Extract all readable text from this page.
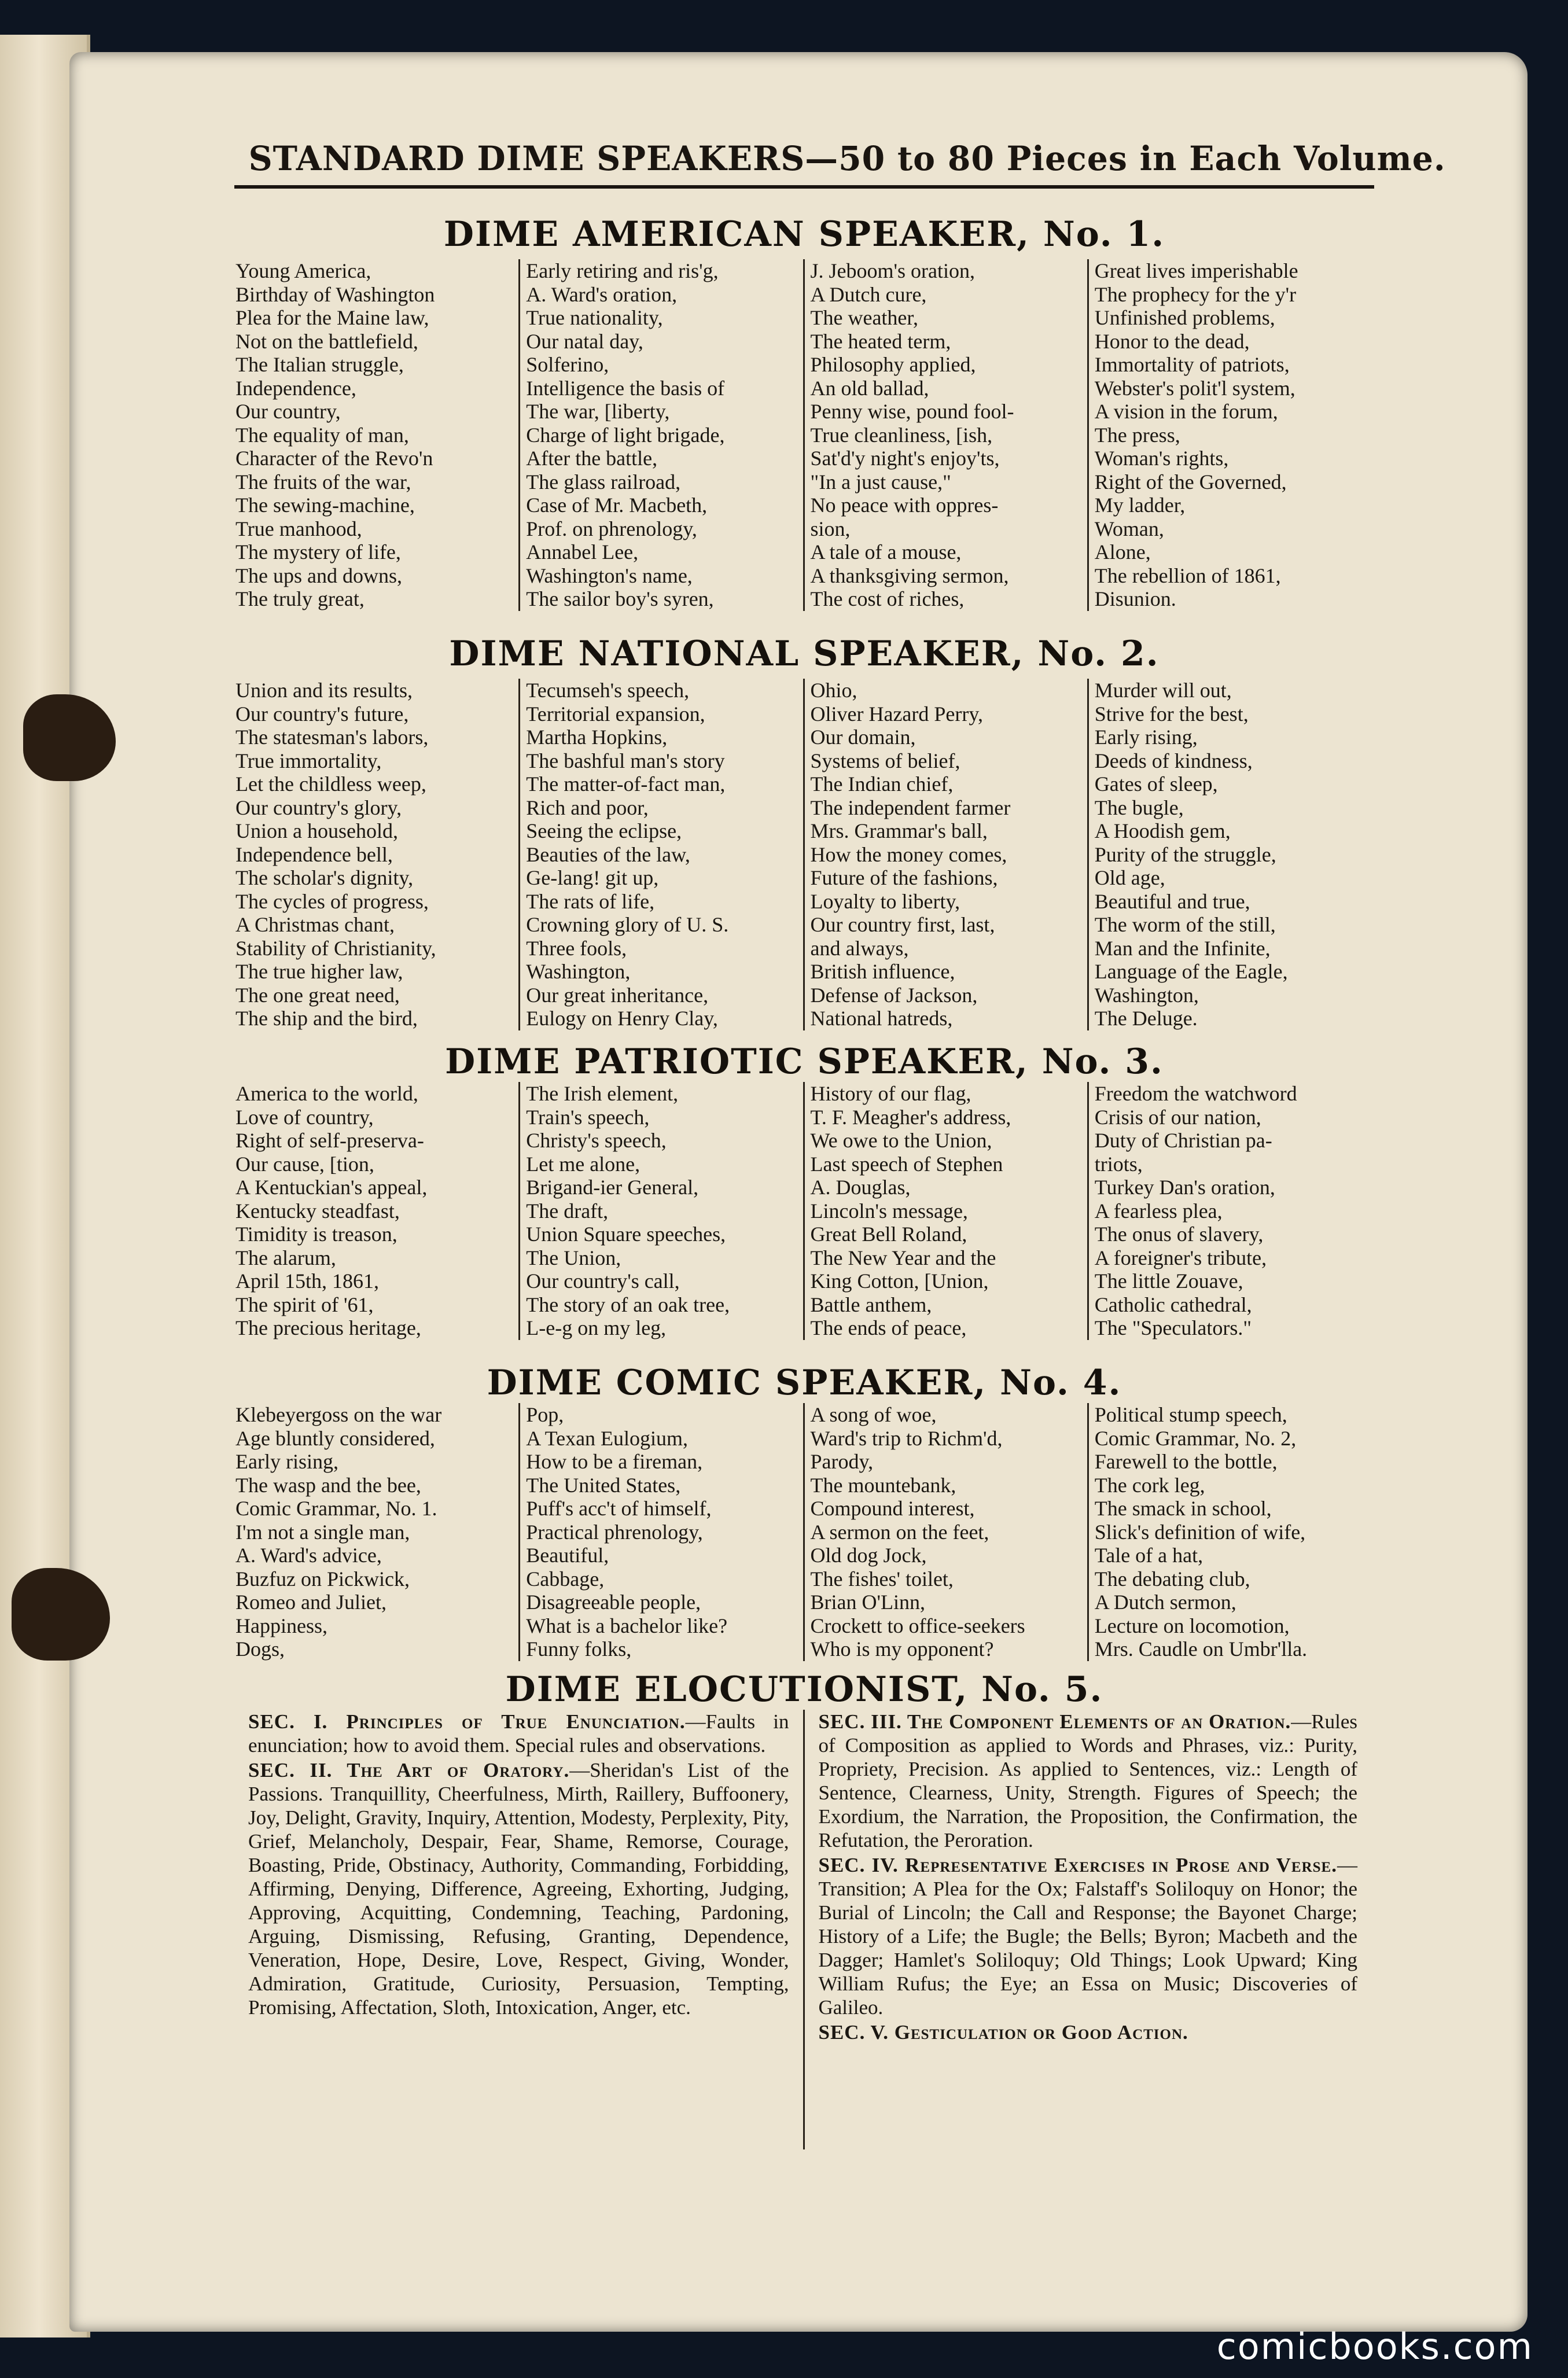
STANDARD DIME SPEAKERS—50 to 80 Pieces in Each Volume.
DIME AMERICAN SPEAKER, No. 1.
Young America,
Birthday of Washington
Plea for the Maine law,
Not on the battlefield,
The Italian struggle,
Independence,
Our country,
The equality of man,
Character of the Revo'n
The fruits of the war,
The sewing-machine,
True manhood,
The mystery of life,
The ups and downs,
The truly great,
Early retiring and ris'g,
A. Ward's oration,
True nationality,
Our natal day,
Solferino,
Intelligence the basis of
The war, [liberty,
Charge of light brigade,
After the battle,
The glass railroad,
Case of Mr. Macbeth,
Prof. on phrenology,
Annabel Lee,
Washington's name,
The sailor boy's syren,
J. Jeboom's oration,
A Dutch cure,
The weather,
The heated term,
Philosophy applied,
An old ballad,
Penny wise, pound fool-
True cleanliness, [ish,
Sat'd'y night's enjoy'ts,
"In a just cause,"
No peace with oppres-
sion,
A tale of a mouse,
A thanksgiving sermon,
The cost of riches,
Great lives imperishable
The prophecy for the y'r
Unfinished problems,
Honor to the dead,
Immortality of patriots,
Webster's polit'l system,
A vision in the forum,
The press,
Woman's rights,
Right of the Governed,
My ladder,
Woman,
Alone,
The rebellion of 1861,
Disunion.
DIME NATIONAL SPEAKER, No. 2.
Union and its results,
Our country's future,
The statesman's labors,
True immortality,
Let the childless weep,
Our country's glory,
Union a household,
Independence bell,
The scholar's dignity,
The cycles of progress,
A Christmas chant,
Stability of Christianity,
The true higher law,
The one great need,
The ship and the bird,
Tecumseh's speech,
Territorial expansion,
Martha Hopkins,
The bashful man's story
The matter-of-fact man,
Rich and poor,
Seeing the eclipse,
Beauties of the law,
Ge-lang! git up,
The rats of life,
Crowning glory of U. S.
Three fools,
Washington,
Our great inheritance,
Eulogy on Henry Clay,
Ohio,
Oliver Hazard Perry,
Our domain,
Systems of belief,
The Indian chief,
The independent farmer
Mrs. Grammar's ball,
How the money comes,
Future of the fashions,
Loyalty to liberty,
Our country first, last,
and always,
British influence,
Defense of Jackson,
National hatreds,
Murder will out,
Strive for the best,
Early rising,
Deeds of kindness,
Gates of sleep,
The bugle,
A Hoodish gem,
Purity of the struggle,
Old age,
Beautiful and true,
The worm of the still,
Man and the Infinite,
Language of the Eagle,
Washington,
The Deluge.
DIME PATRIOTIC SPEAKER, No. 3.
America to the world,
Love of country,
Right of self-preserva-
Our cause, [tion,
A Kentuckian's appeal,
Kentucky steadfast,
Timidity is treason,
The alarum,
April 15th, 1861,
The spirit of '61,
The precious heritage,
The Irish element,
Train's speech,
Christy's speech,
Let me alone,
Brigand-ier General,
The draft,
Union Square speeches,
The Union,
Our country's call,
The story of an oak tree,
L-e-g on my leg,
History of our flag,
T. F. Meagher's address,
We owe to the Union,
Last speech of Stephen
A. Douglas,
Lincoln's message,
Great Bell Roland,
The New Year and the
King Cotton, [Union,
Battle anthem,
The ends of peace,
Freedom the watchword
Crisis of our nation,
Duty of Christian pa-
triots,
Turkey Dan's oration,
A fearless plea,
The onus of slavery,
A foreigner's tribute,
The little Zouave,
Catholic cathedral,
The "Speculators."
DIME COMIC SPEAKER, No. 4.
Klebeyergoss on the war
Age bluntly considered,
Early rising,
The wasp and the bee,
Comic Grammar, No. 1.
I'm not a single man,
A. Ward's advice,
Buzfuz on Pickwick,
Romeo and Juliet,
Happiness,
Dogs,
Pop,
A Texan Eulogium,
How to be a fireman,
The United States,
Puff's acc't of himself,
Practical phrenology,
Beautiful,
Cabbage,
Disagreeable people,
What is a bachelor like?
Funny folks,
A song of woe,
Ward's trip to Richm'd,
Parody,
The mountebank,
Compound interest,
A sermon on the feet,
Old dog Jock,
The fishes' toilet,
Brian O'Linn,
Crockett to office-seekers
Who is my opponent?
Political stump speech,
Comic Grammar, No. 2,
Farewell to the bottle,
The cork leg,
The smack in school,
Slick's definition of wife,
Tale of a hat,
The debating club,
A Dutch sermon,
Lecture on locomotion,
Mrs. Caudle on Umbr'lla.
DIME ELOCUTIONIST, No. 5.

SEC. I. Principles of True Enunciation.—Faults in enunciation; how to avoid them. Special rules and observations.

SEC. II. The Art of Oratory.—Sheridan's List of the Passions. Tranquillity, Cheerfulness, Mirth, Raillery, Buffoonery, Joy, Delight, Gravity, Inquiry, Attention, Modesty, Perplexity, Pity, Grief, Melancholy, Despair, Fear, Shame, Remorse, Courage, Boasting, Pride, Obstinacy, Authority, Commanding, Forbidding, Affirming, Denying, Difference, Agreeing, Exhorting, Judging, Approving, Acquitting, Condemning, Teaching, Pardoning, Arguing, Dismissing, Refusing, Granting, Dependence, Veneration, Hope, Desire, Love, Respect, Giving, Wonder, Admiration, Gratitude, Curiosity, Persuasion, Tempting, Promising, Affectation, Sloth, Intoxication, Anger, etc.

SEC. III. The Component Elements of an Oration.—Rules of Composition as applied to Words and Phrases, viz.: Purity, Propriety, Precision. As applied to Sentences, viz.: Length of Sentence, Clearness, Unity, Strength. Figures of Speech; the Exordium, the Narration, the Proposition, the Confirmation, the Refutation, the Peroration.

SEC. IV. Representative Exercises in Prose and Verse.—Transition; A Plea for the Ox; Falstaff's Soliloquy on Honor; the Burial of Lincoln; the Call and Response; the Bayonet Charge; History of a Life; the Bugle; the Bells; Byron; Macbeth and the Dagger; Hamlet's Soliloquy; Old Things; Look Upward; King William Rufus; the Eye; an Essa on Music; Discoveries of Galileo.

SEC. V. Gesticulation or Good Action.

comicbooks.com
